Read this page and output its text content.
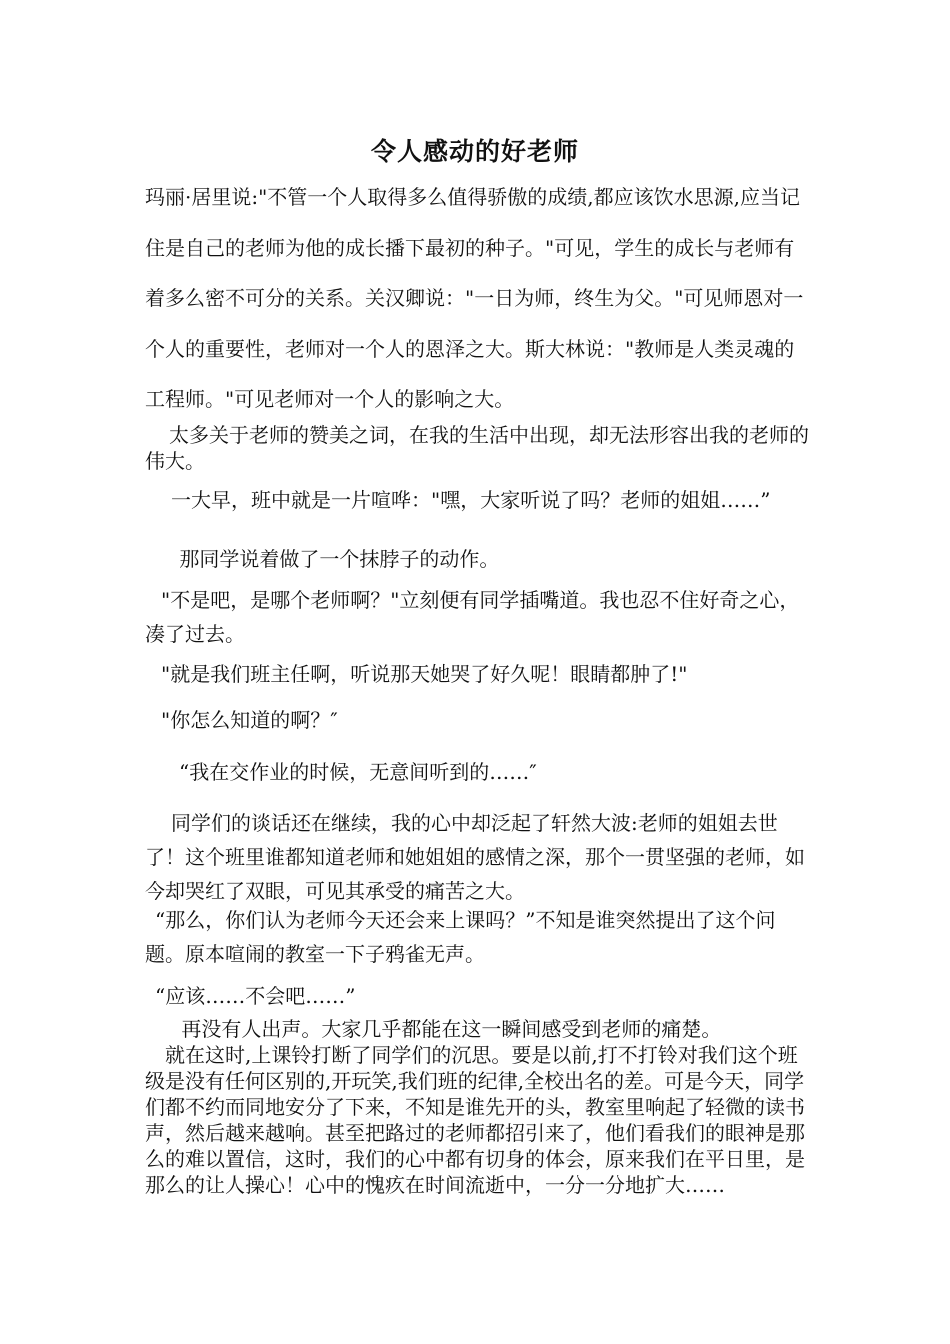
令人感动的好老师

玛丽·居里说:"不管一个人取得多么值得骄傲的成绩,都应该饮水思源,应当记住是自己的老师为他的成长播下最初的种子。"可见，学生的成长与老师有着多么密不可分的关系。关汉卿说："一日为师，终生为父。"可见师恩对一个人的重要性，老师对一个人的恩泽之大。斯大林说："教师是人类灵魂的工程师。"可见老师对一个人的影响之大。

　太多关于老师的赞美之词，在我的生活中出现，却无法形容出我的老师的伟大。

　一大早，班中就是一片喧哗："嘿，大家听说了吗？老师的姐姐……”

　 那同学说着做了一个抹脖子的动作。

"不是吧，是哪个老师啊？"立刻便有同学插嘴道。我也忍不住好奇之心，凑了过去。

"就是我们班主任啊，听说那天她哭了好久呢！眼睛都肿了!"

"你怎么知道的啊？″

　“我在交作业的时候，无意间听到的……″

　同学们的谈话还在继续，我的心中却泛起了轩然大波:老师的姐姐去世了！这个班里谁都知道老师和她姐姐的感情之深，那个一贯坚强的老师，如今却哭红了双眼，可见其承受的痛苦之大。

“那么，你们认为老师今天还会来上课吗？”不知是谁突然提出了这个问题。原本喧闹的教室一下子鸦雀无声。

“应该……不会吧……”

　 再没有人出声。大家几乎都能在这一瞬间感受到老师的痛楚。

就在这时,上课铃打断了同学们的沉思。要是以前,打不打铃对我们这个班级是没有任何区别的,开玩笑,我们班的纪律,全校出名的差。可是今天，同学们都不约而同地安分了下来，不知是谁先开的头，教室里响起了轻微的读书声，然后越来越响。甚至把路过的老师都招引来了，他们看我们的眼神是那么的难以置信，这时，我们的心中都有切身的体会，原来我们在平日里，是那么的让人操心！心中的愧疚在时间流逝中，一分一分地扩大……
